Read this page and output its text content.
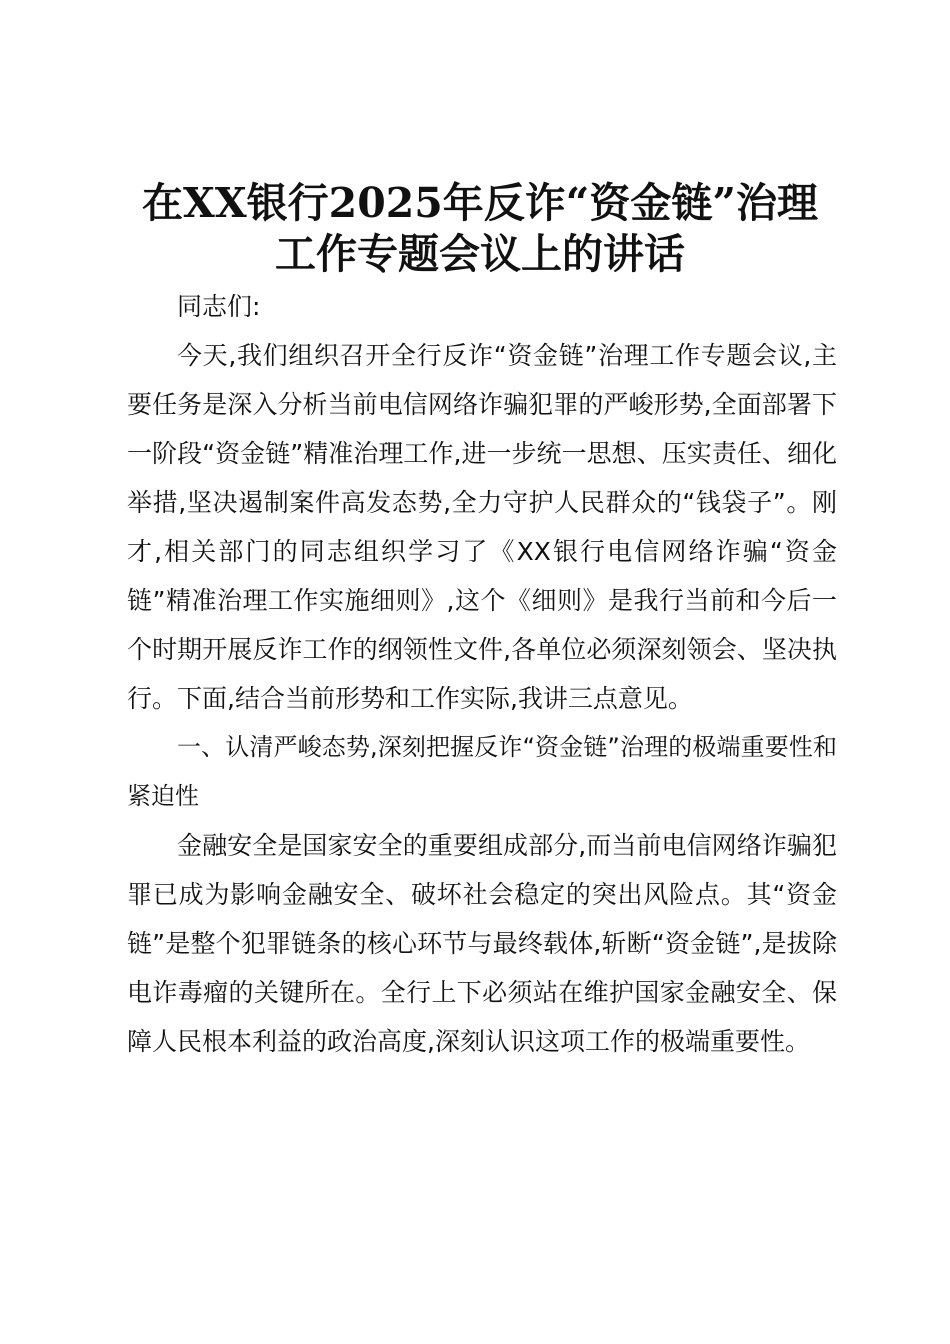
在XX银行2025年反诈“资金链”治理
工作专题会议上的讲话

同志们:

今天,我们组织召开全行反诈“资金链”治理工作专题会议,主要任务是深入分析当前电信网络诈骗犯罪的严峻形势,全面部署下一阶段“资金链”精准治理工作,进一步统一思想、压实责任、细化举措,坚决遏制案件高发态势,全力守护人民群众的“钱袋子”。刚才,相关部门的同志组织学习了《XX银行电信网络诈骗“资金链”精准治理工作实施细则》,这个《细则》是我行当前和今后一个时期开展反诈工作的纲领性文件,各单位必须深刻领会、坚决执行。下面,结合当前形势和工作实际,我讲三点意见。

一、认清严峻态势,深刻把握反诈“资金链”治理的极端重要性和紧迫性

金融安全是国家安全的重要组成部分,而当前电信网络诈骗犯罪已成为影响金融安全、破坏社会稳定的突出风险点。其“资金链”是整个犯罪链条的核心环节与最终载体,斩断“资金链”,是拔除电诈毒瘤的关键所在。全行上下必须站在维护国家金融安全、保障人民根本利益的政治高度,深刻认识这项工作的极端重要性。
